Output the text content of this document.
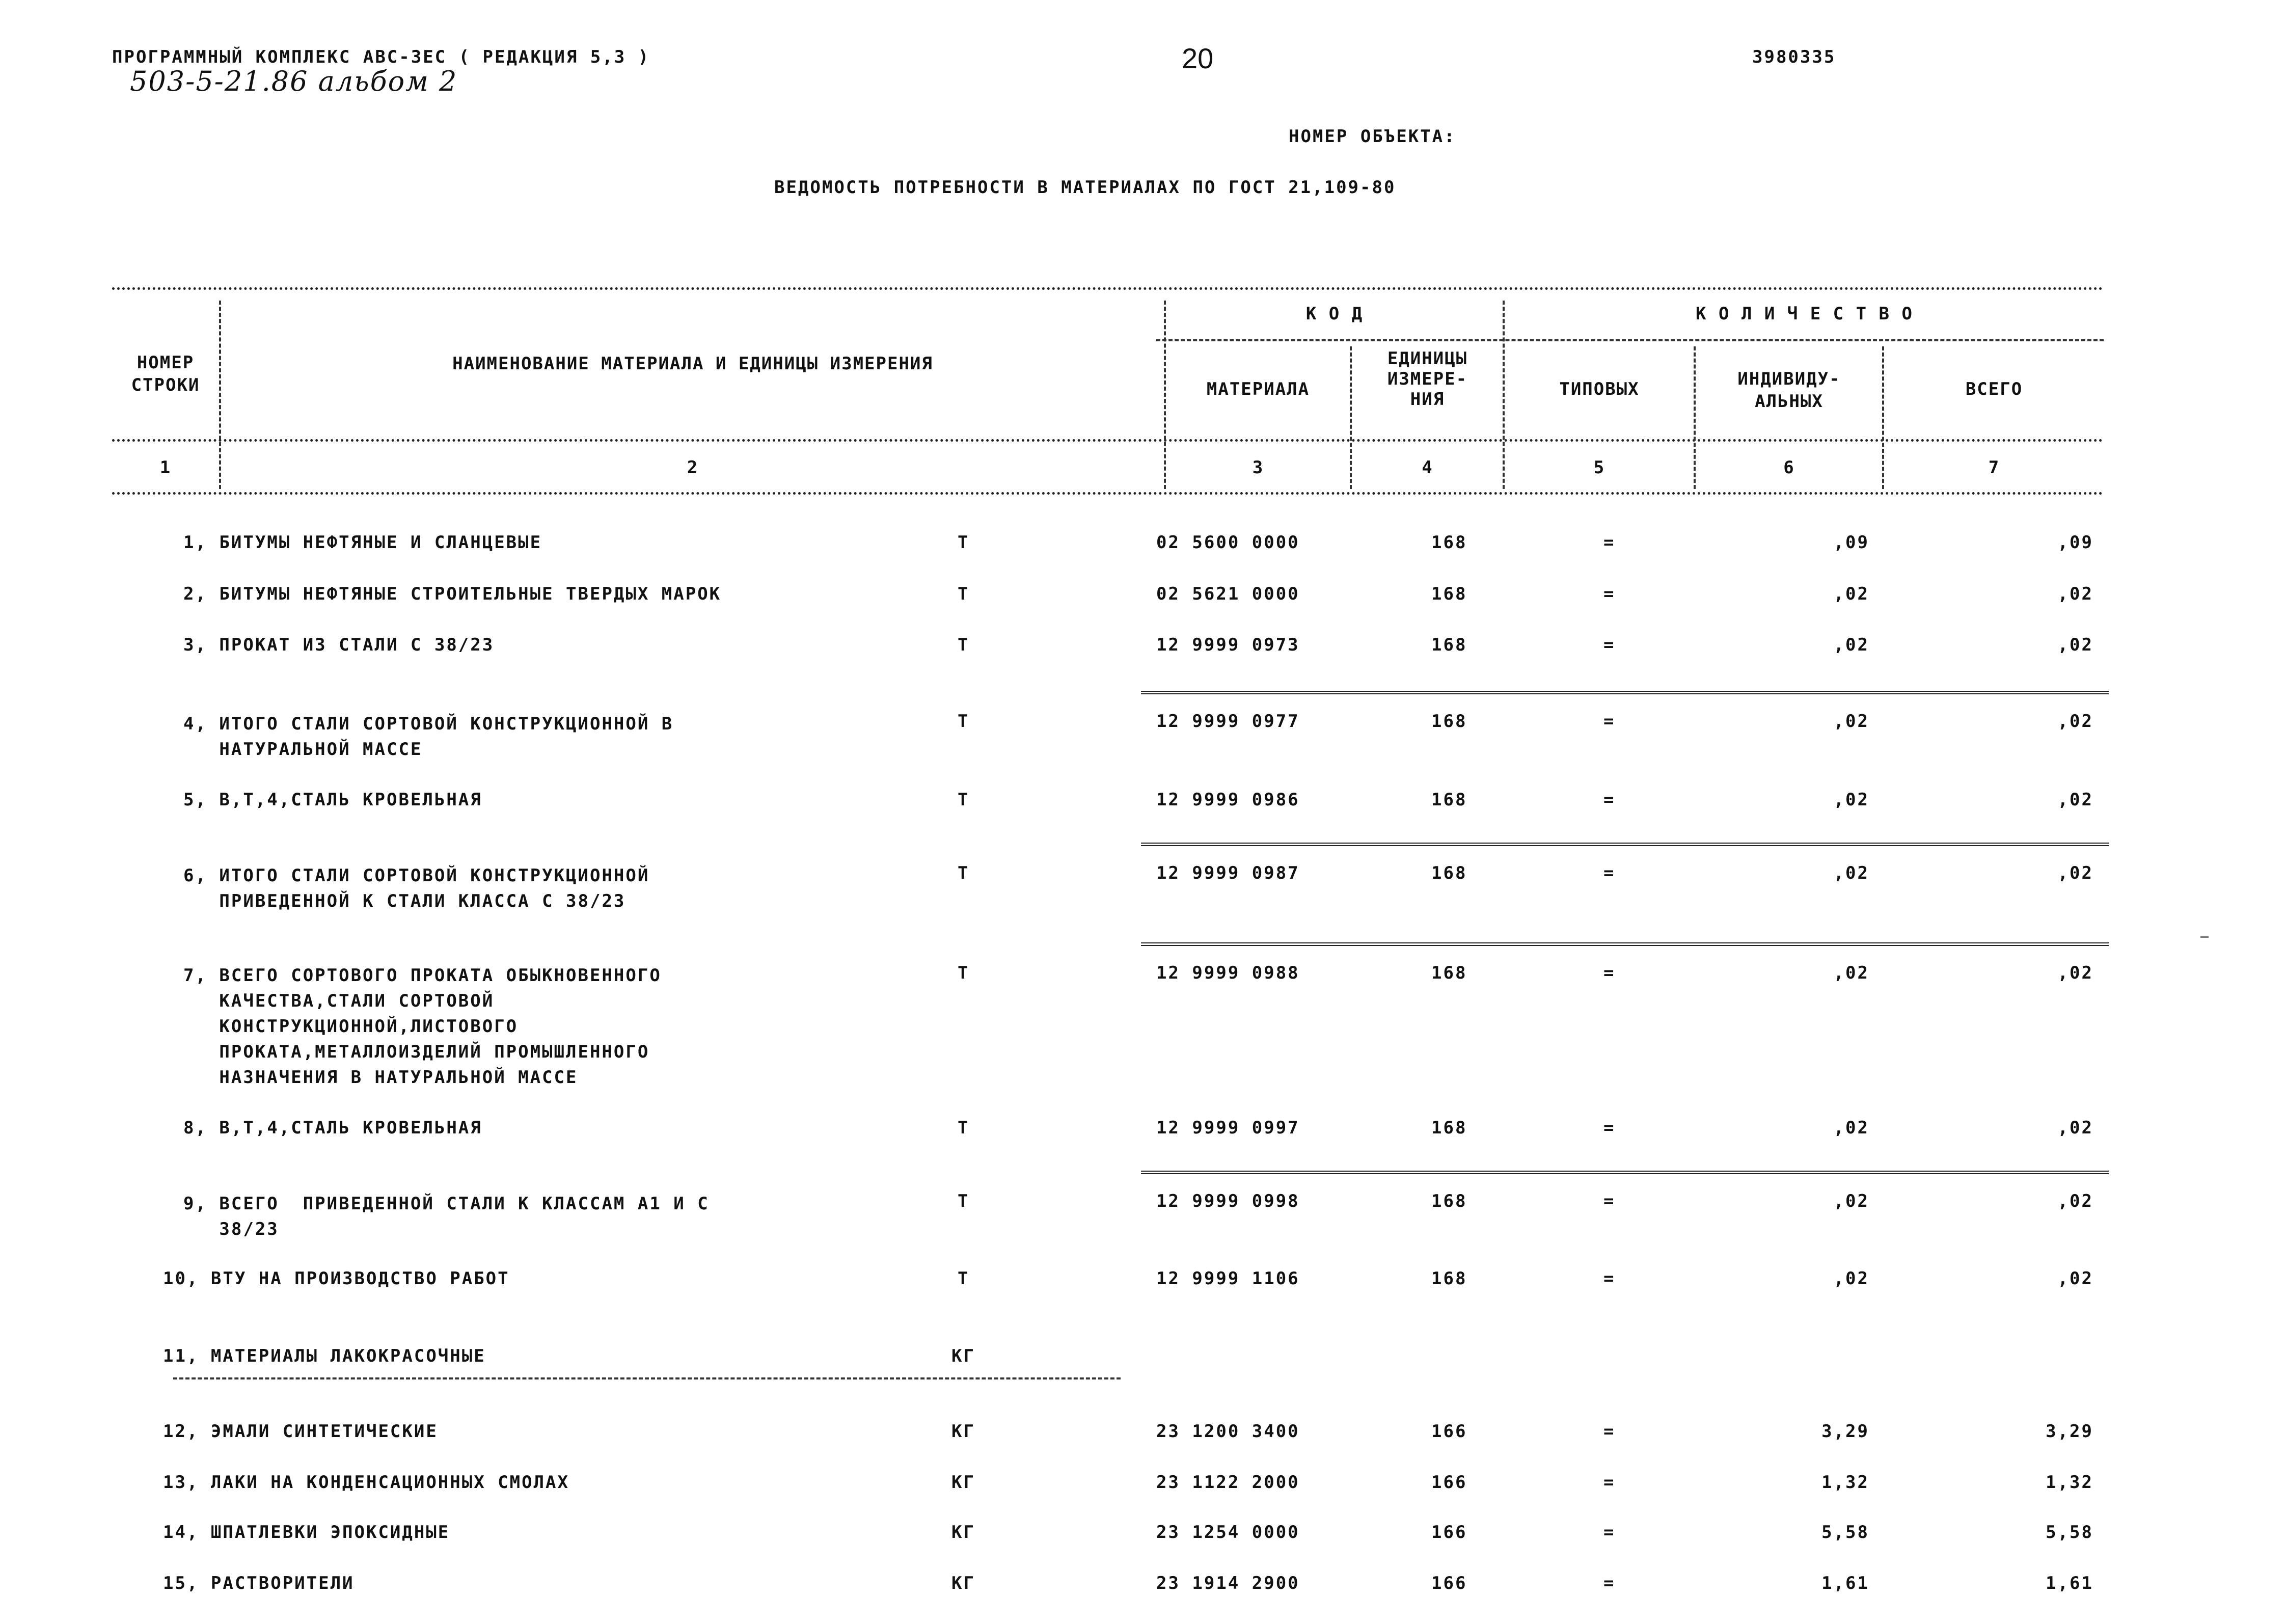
ПРОГРАММНЫЙ КОМПЛЕКС АВС-ЗЕС ( РЕДАКЦИЯ 5,3 )
503-5-21.86 альбом 2
20	3980335
НОМЕР ОБЪЕКТА:
ВЕДОМОСТЬ ПОТРЕБНОСТИ В МАТЕРИАЛАХ ПО ГОСТ 21,109-80
НОМЕР
СТРОКИ
НАИМЕНОВАНИЕ МАТЕРИАЛА И ЕДИНИЦЫ ИЗМЕРЕНИЯ
К О Д
МАТЕРИАЛА
ЕДИНИЦЫ
ИЗМЕРЕ-
НИЯ
К О Л И Ч Е С Т В О
ТИПОВЫХ	ИНДИВИДУ-
АЛЬНЫХ
ВСЕГО
1	2	3	4	5	6	7
1, БИТУМЫ НЕФТЯНЫЕ И СЛАНЦЕВЫЕ	Т	02 5600 0000	168	=	,09	,09
2, БИТУМЫ НЕФТЯНЫЕ СТРОИТЕЛЬНЫЕ ТВЕРДЫХ МАРОК	Т	02 5621 0000	168	=	,02	,02
3, ПРОКАТ ИЗ СТАЛИ С 38/23	Т	12 9999 0973	168	=	,02	,02
4, ИТОГО СТАЛИ СОРТОВОЙ КОНСТРУКЦИОННОЙ В
НАТУРАЛЬНОЙ МАССЕ
Т	12 9999 0977	168	=	,02	,02
5, В,Т,4,СТАЛЬ КРОВЕЛЬНАЯ	Т	12 9999 0986	168	=	,02	,02
6, ИТОГО СТАЛИ СОРТОВОЙ КОНСТРУКЦИОННОЙ
ПРИВЕДЕННОЙ К СТАЛИ КЛАССА С 38/23
Т	12 9999 0987	168	=	,02	,02
7, ВСЕГО СОРТОВОГО ПРОКАТА ОБЫКНОВЕННОГО
КАЧЕСТВА,СТАЛИ СОРТОВОЙ
КОНСТРУКЦИОННОЙ,ЛИСТОВОГО
ПРОКАТА,МЕТАЛЛОИЗДЕЛИЙ ПРОМЫШЛЕННОГО
НАЗНАЧЕНИЯ В НАТУРАЛЬНОЙ МАССЕ
Т	12 9999 0988	168	=	,02	,02
8, В,Т,4,СТАЛЬ КРОВЕЛЬНАЯ	Т	12 9999 0997	168	=	,02	,02
9, ВСЕГО  ПРИВЕДЕННОЙ СТАЛИ К КЛАССАМ А1 И С
38/23
Т	12 9999 0998	168	=	,02	,02
10, ВТУ НА ПРОИЗВОДСТВО РАБОТ	Т	12 9999 1106	168	=	,02	,02
11, МАТЕРИАЛЫ ЛАКОКРАСОЧНЫЕ	КГ
12, ЭМАЛИ СИНТЕТИЧЕСКИЕ	КГ	23 1200 3400	166	=	3,29	3,29
13, ЛАКИ НА КОНДЕНСАЦИОННЫХ СМОЛАХ	КГ	23 1122 2000	166	=	1,32	1,32
14, ШПАТЛЕВКИ ЭПОКСИДНЫЕ	КГ	23 1254 0000	166	=	5,58	5,58
15, РАСТВОРИТЕЛИ	КГ	23 1914 2900	166	=	1,61	1,61
